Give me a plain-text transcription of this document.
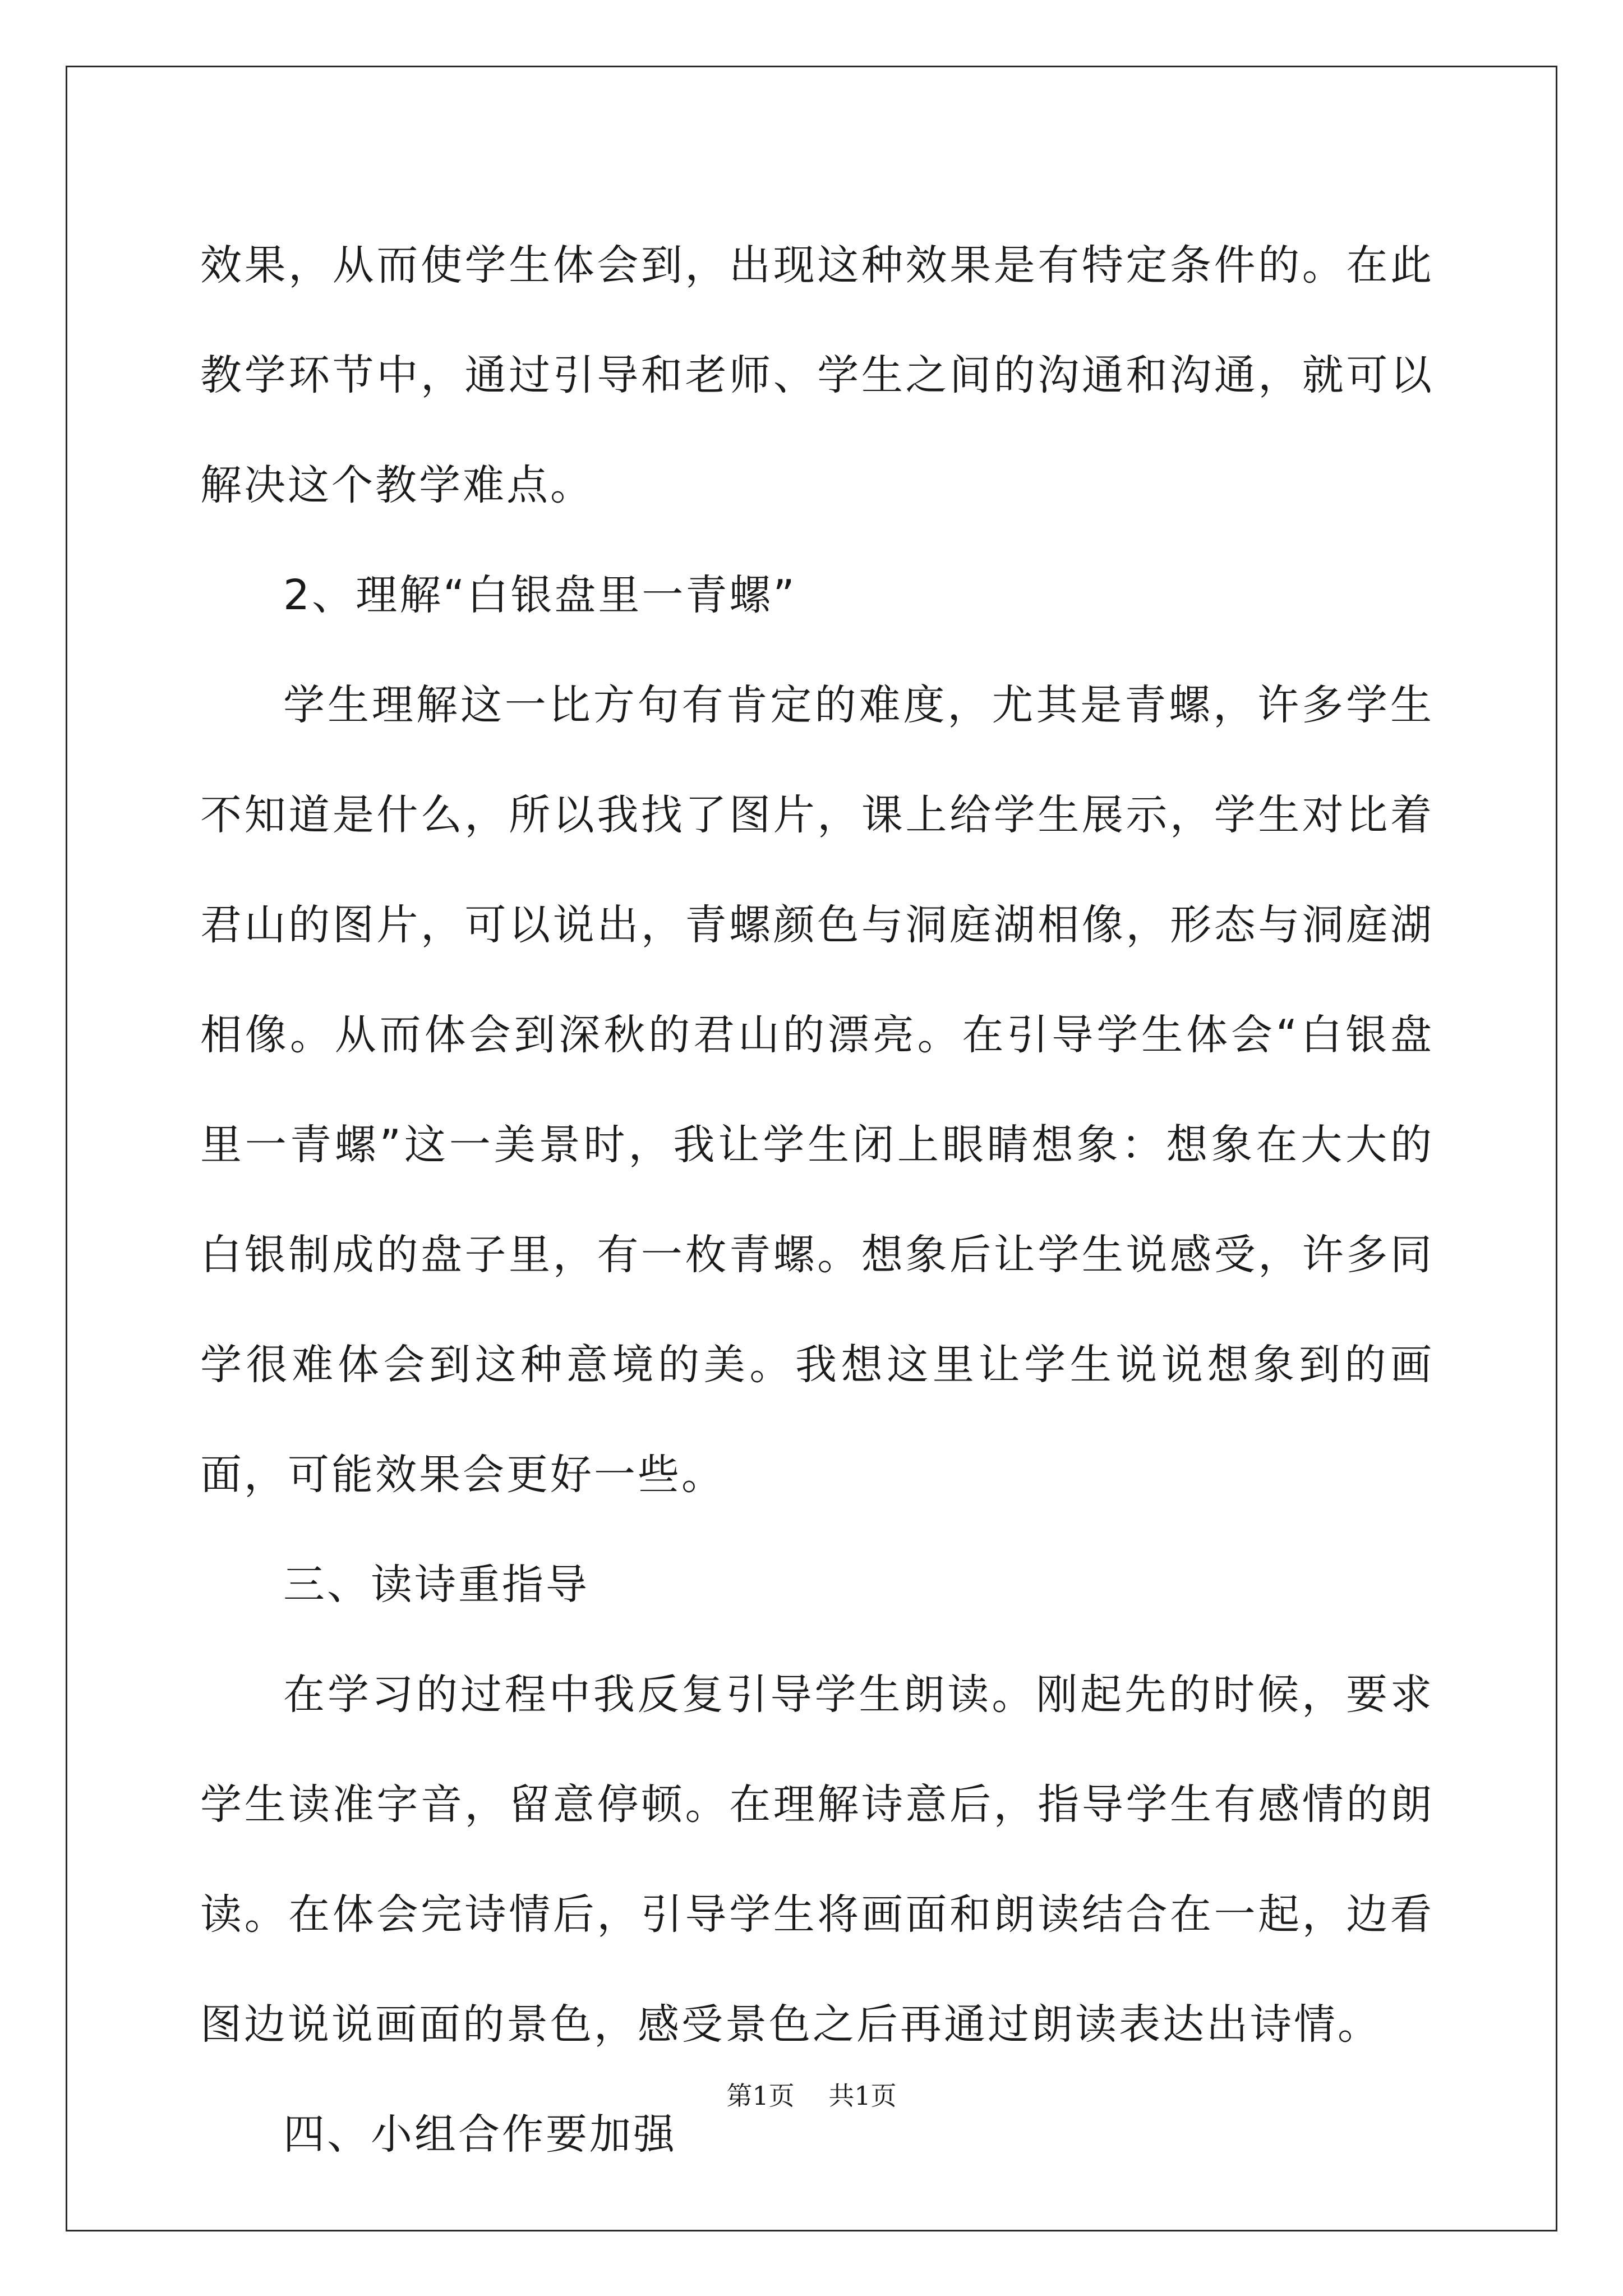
效果，从而使学生体会到，出现这种效果是有特定条件的。在此教学环节中，通过引导和老师、学生之间的沟通和沟通，就可以解决这个教学难点。

2、理解“白银盘里一青螺”

学生理解这一比方句有肯定的难度，尤其是青螺，许多学生不知道是什么，所以我找了图片，课上给学生展示，学生对比着君山的图片，可以说出，青螺颜色与洞庭湖相像，形态与洞庭湖相像。从而体会到深秋的君山的漂亮。在引导学生体会“白银盘里一青螺”这一美景时，我让学生闭上眼睛想象：想象在大大的白银制成的盘子里，有一枚青螺。想象后让学生说感受，许多同学很难体会到这种意境的美。我想这里让学生说说想象到的画面，可能效果会更好一些。

三、读诗重指导

在学习的过程中我反复引导学生朗读。刚起先的时候，要求学生读准字音，留意停顿。在理解诗意后，指导学生有感情的朗读。在体会完诗情后，引导学生将画面和朗读结合在一起，边看图边说说画面的景色，感受景色之后再通过朗读表达出诗情。

四、小组合作要加强

第1页 共1页
